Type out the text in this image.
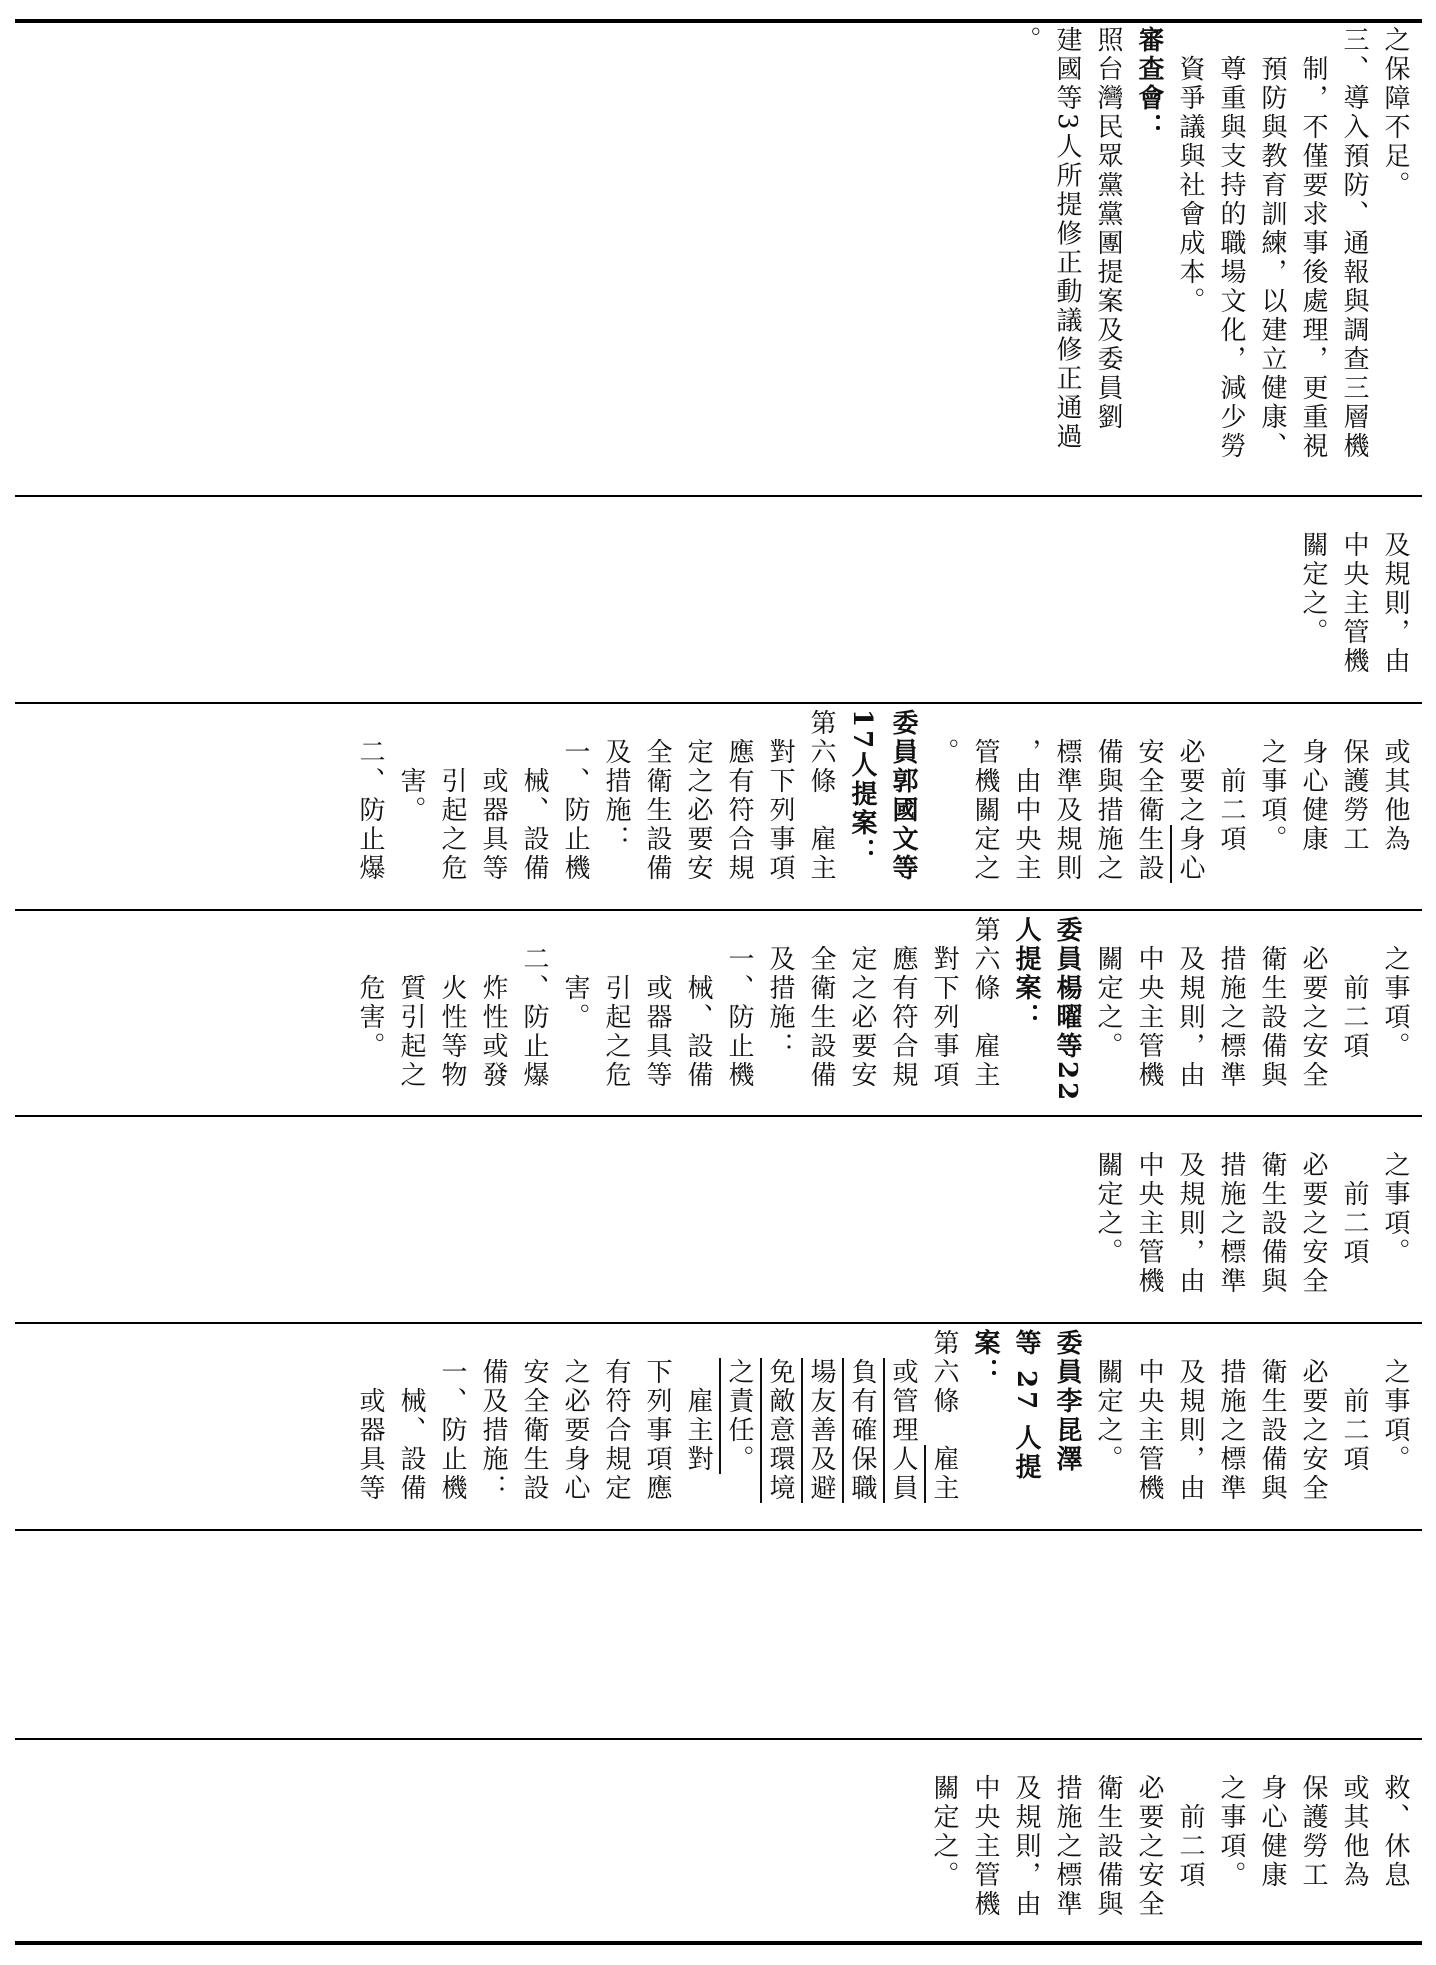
之保障不足。
三、導入預防、通報與調查三層機
　制，不僅要求事後處理，更重視
　預防與教育訓練，以建立健康、
　尊重與支持的職場文化，減少勞
　資爭議與社會成本。
審查會：
照台灣民眾黨黨團提案及委員劉
建國等3人所提修正動議修正通過
。
　及規則，由
　中央主管機
　關定之。
　或其他為
　保護勞工
　身心健康
　之事項。
　　前二項
　必要之身心
　安全衛生設
　備與措施之
　標準及規則
　，由中央主
　管機關定之
　。
委員郭國文等
17人提案：
第六條　雇主
　對下列事項
　應有符合規
　定之必要安
　全衛生設備
　及措施：
　一、防止機
　　械、設備
　　或器具等
　　引起之危
　　害。
　二、防止爆
　之事項。
　　前二項
　必要之安全
　衛生設備與
　措施之標準
　及規則，由
　中央主管機
　關定之。
委員楊曜等22
人提案：
第六條　雇主
　對下列事項
　應有符合規
　定之必要安
　全衛生設備
　及措施：
　一、防止機
　　械、設備
　　或器具等
　　引起之危
　　害。
　二、防止爆
　　炸性或發
　　火性等物
　　質引起之
　　危害。
　之事項。
　　前二項
　必要之安全
　衛生設備與
　措施之標準
　及規則，由
　中央主管機
　關定之。
　之事項。
　　前二項
　必要之安全
　衛生設備與
　措施之標準
　及規則，由
　中央主管機
　關定之。
委員李昆澤
等 27 人提
案：
第六條　雇主
　或管理人員
　負有確保職
　場友善及避
　免敵意環境
　之責任。
　　雇主對
　下列事項應
　有符合規定
　之必要身心
　安全衛生設
　備及措施：
　一、防止機
　　械、設備
　　或器具等
　救、休息
　或其他為
　保護勞工
　身心健康
　之事項。
　　前二項
　必要之安全
　衛生設備與
　措施之標準
　及規則，由
　中央主管機
　關定之。
